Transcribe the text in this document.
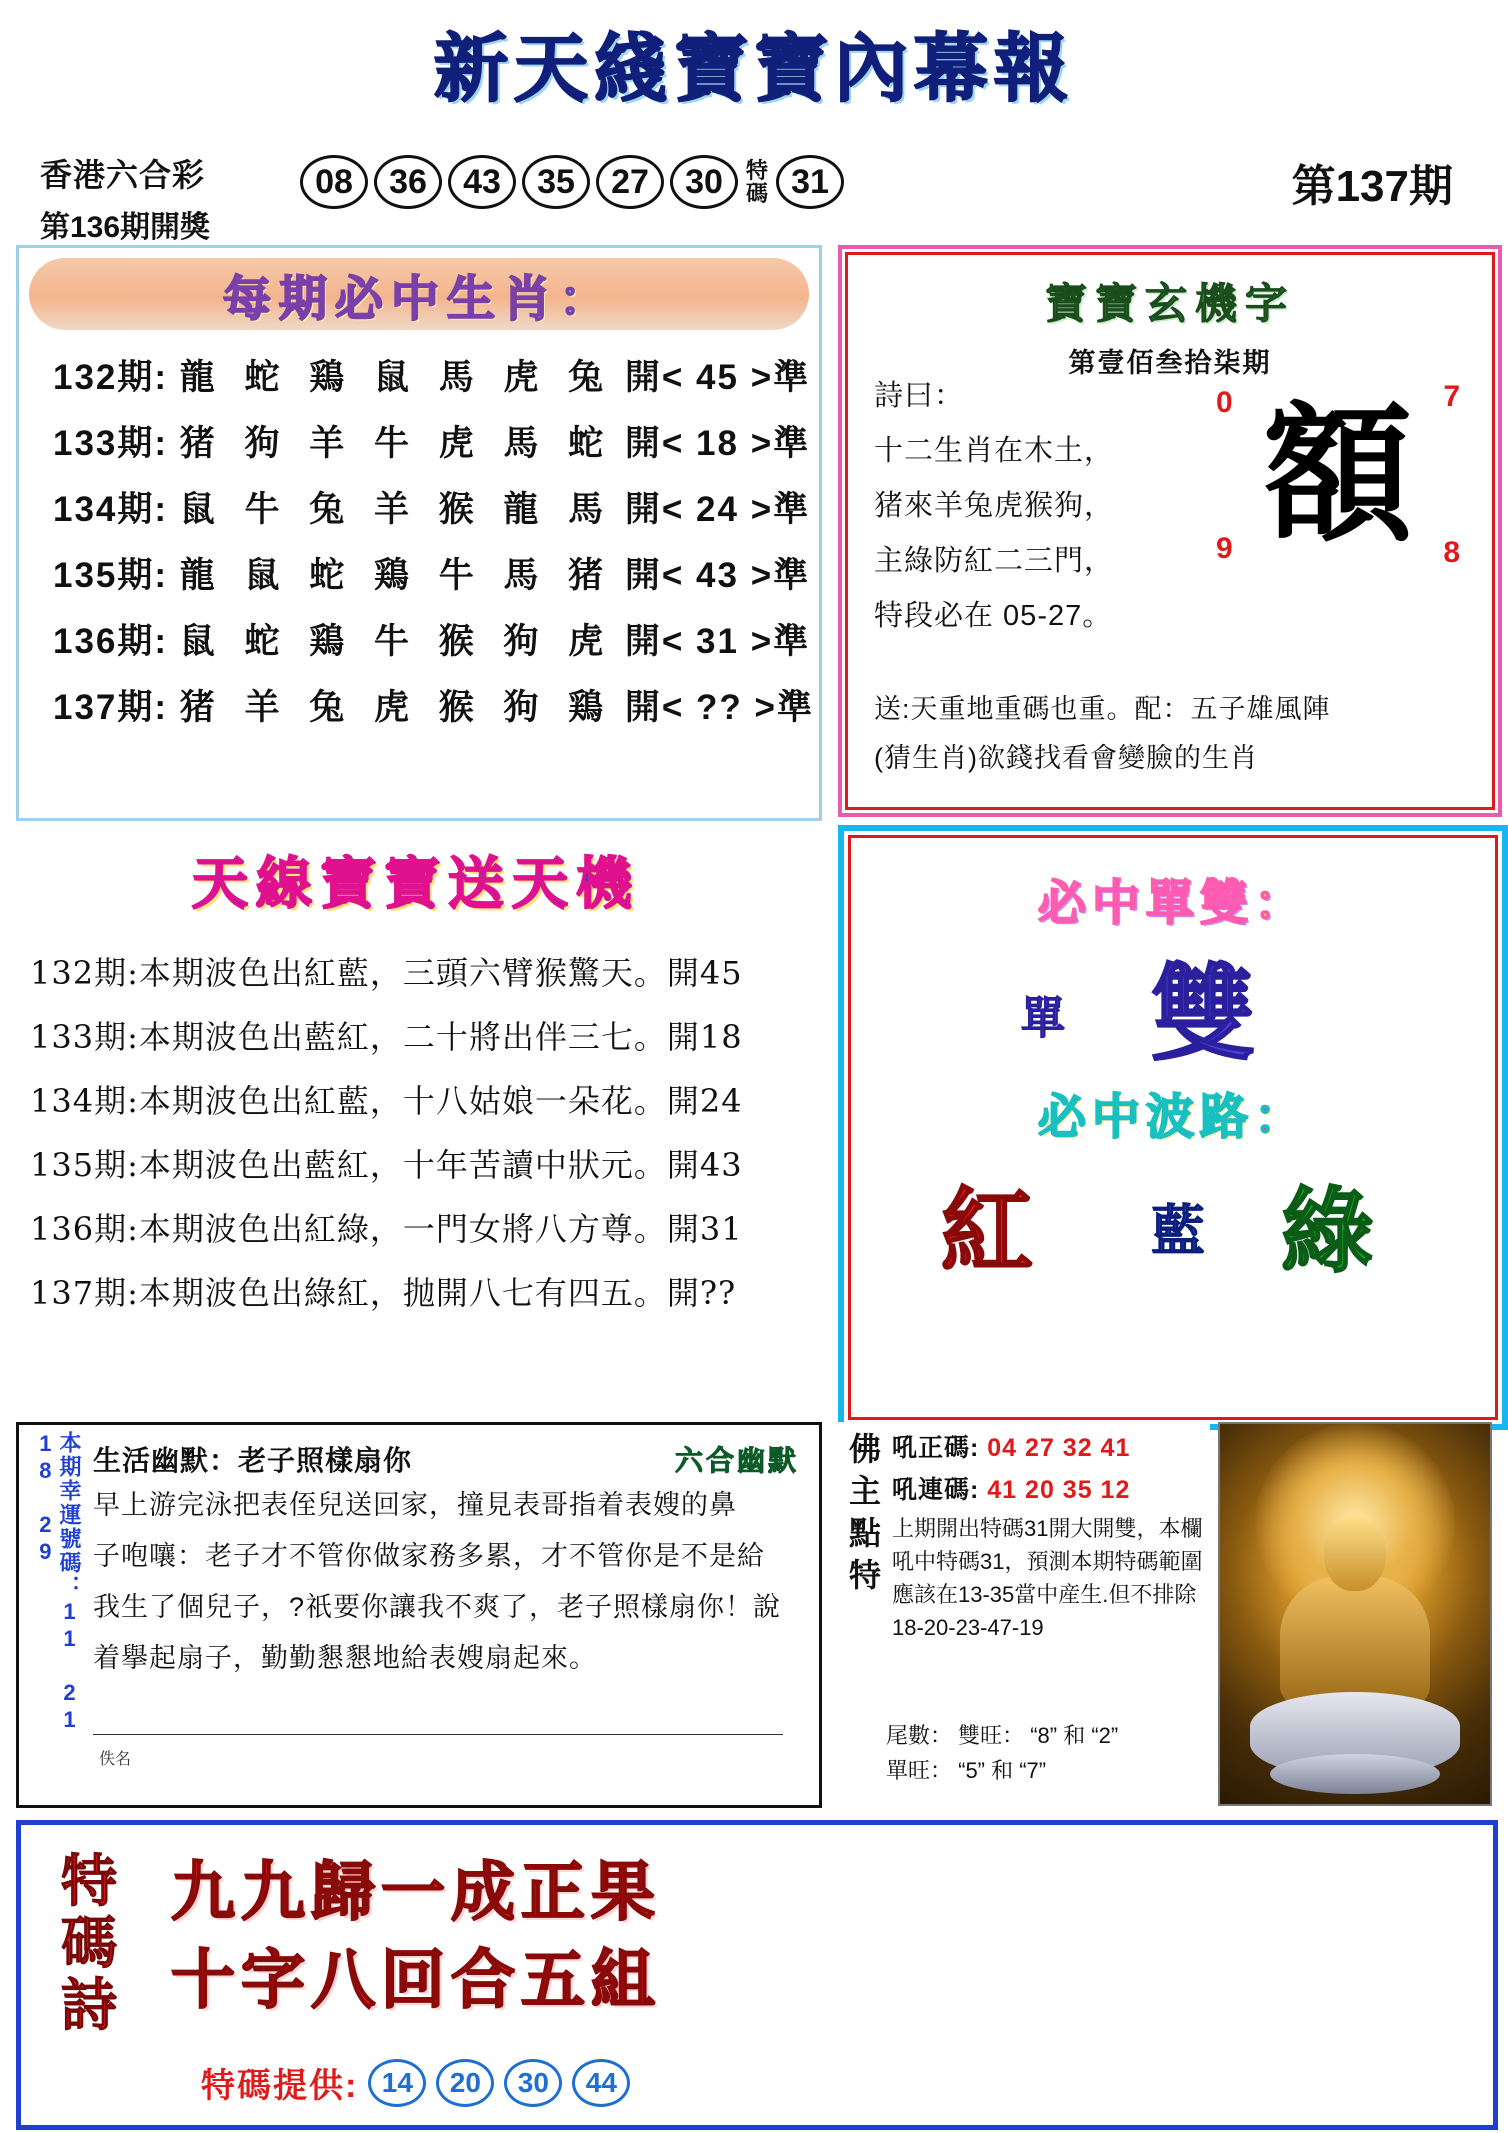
新天綫寶寶內幕報
香港六合彩
第136期開獎
08	36	43	35	27	30	特
碼 31	第137期
每期必中生肖：
132期: 龍 蛇 鶏 鼠 馬 虎 兔 開< 45 >準
133期: 猪 狗 羊 牛 虎 馬 蛇 開< 18 >準
134期: 鼠 牛 兔 羊 猴 龍 馬 開< 24 >準
135期: 龍 鼠 蛇 鶏 牛 馬 猪 開< 43 >準
136期: 鼠 蛇 鶏 牛 猴 狗 虎 開< 31 >準
137期: 猪 羊 兔 虎 猴 狗 鶏 開< ?? >準
寶寶玄機字
第壹佰叁拾柒期
詩曰：
十二生肖在木土，
猪來羊兔虎猴狗，
主綠防紅二三門，
特段必在 05-27。
0	7
9	8
額
送:天重地重碼也重。配：五子雄風陣
(猜生肖)欲錢找看會變臉的生肖
天線寶寶送天機
132期:本期波色出紅藍，三頭六臂猴驚天。開45
133期:本期波色出藍紅，二十將出伴三七。開18
134期:本期波色出紅藍，十八姑娘一朵花。開24
135期:本期波色出藍紅，十年苦讀中狀元。開43
136期:本期波色出紅綠，一門女將八方尊。開31
137期:本期波色出綠紅，抛開八七有四五。開??
必中單雙：
單 雙
必中波路：
紅 藍 綠
本期幸運號碼：11 21 18 29	生活幽默：老子照樣扇你	六合幽默
早上游完泳把表侄兒送回家，撞見表哥指着表嫂的鼻
子咆嚷：老子才不管你做家務多累，才不管你是不是給
我生了個兒子，?祇要你讓我不爽了，老子照樣扇你！說
着擧起扇子，勤勤懇懇地給表嫂扇起來。
佚名
佛主點特 吼正碼: 04 27 32 41
吼連碼: 41 20 35 12
上期開出特碼31開大開雙，本欄吼中特碼31，預測本期特碼範圍應該在13-35當中産生.但不排除18-20-23-47-19
尾數： 雙旺： “8” 和 “2”
單旺： “5” 和 “7”
特碼詩 九九歸一成正果
十字八回合五組
特碼提供: 14	20	30	44
